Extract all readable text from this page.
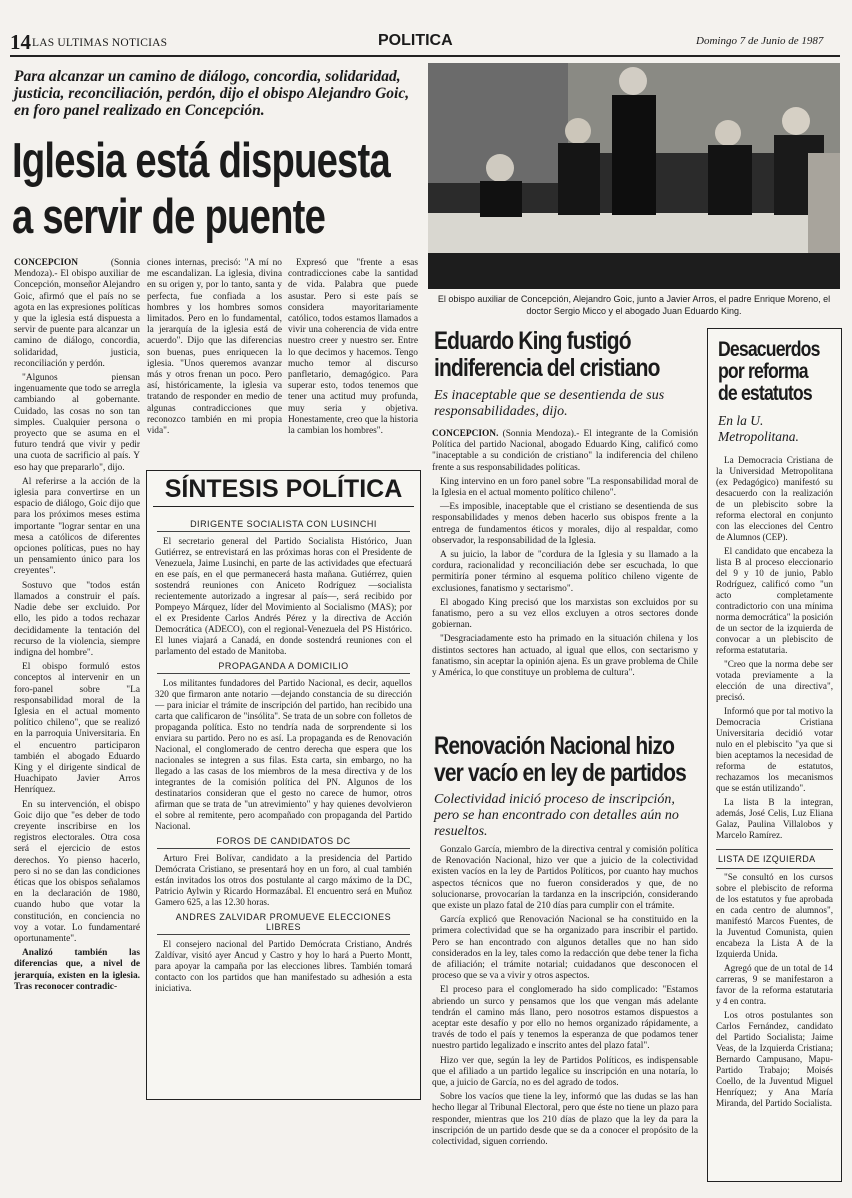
14 LAS ULTIMAS NOTICIAS	POLITICA	Domingo 7 de Junio de 1987
Para alcanzar un camino de diálogo, concordia, solidaridad, justicia, reconciliación, perdón, dijo el obispo Alejandro Goic, en foro panel realizado en Concepción.
Iglesia está dispuesta
a servir de puente

CONCEPCION	(Sonnia Mendoza).- El obispo auxiliar de Concepción, monseñor Alejandro Goic, afirmó que el país no se agota en las expresiones políticas y que la iglesia está dispuesta a servir de puente para alcanzar un camino de diálogo, concordia, solidaridad, justicia, reconciliación y perdón.

"Algunos piensan ingenuamente que todo se arregla cambiando al gobernante. Cuidado, las cosas no son tan simples. Cualquier persona o proyecto que se asuma en el futuro tendrá que vivir y pedir una cuota de sacrificio al país. Y eso hay que prepararlo", dijo.

Al referirse a la acción de la iglesia para convertirse en un espacio de diálogo, Goic dijo que para los próximos meses estima importante "lograr sentar en una mesa a católicos de diferentes opciones políticas, pues no hay un pensamiento único para los creyentes".

Sostuvo que "todos están llamados a construir el país. Nadie debe ser excluido. Por ello, les pido a todos rechazar decididamente la tentación del recurso de la violencia, siempre indigna del hombre".

El obispo formuló estos conceptos al intervenir en un foro-panel sobre "La responsabilidad moral de la Iglesia en el actual momento político chileno", que se realizó en la parroquia Universitaria. En el encuentro participaron también el abogado Eduardo King y el dirigente sindical de Huachipato Javier Arros Henríquez.

En su intervención, el obispo Goic dijo que "es deber de todo creyente inscribirse en los registros electorales. Otra cosa será el ejercicio de estos derechos. Yo pienso hacerlo, pero si no se dan las condiciones éticas que los obispos señalamos en la declaración de 1980, cuando hubo que votar la constitución, en conciencia no voy a votar. Lo fundamentaré oportunamente".

Analizó también las diferencias que, a nivel de jerarquía, existen en la iglesia. Tras reconocer contradic-

ciones internas, precisó: "A mí no me escandalizan. La iglesia, divina en su origen y, por lo tanto, santa y perfecta, fue confiada a los hombres y los hombres somos limitados. Pero en lo fundamental, la jerarquía de la iglesia está de acuerdo". Dijo que las diferencias son buenas, pues enriquecen la iglesia. "Unos queremos avanzar más y otros frenan un poco. Pero así, históricamente, la iglesia va tratando de responder en medio de algunas contradicciones que reconozco también en mi propia vida".

Expresó que "frente a esas contradicciones cabe la santidad de vida. Palabra que puede asustar. Pero si este país se considera mayoritariamente católico, todos estamos llamados a vivir una coherencia de vida entre nuestro creer y nuestro ser. Entre lo que decimos y hacemos. Tengo mucho temor al discurso panfletario, demagógico. Para superar esto, todos tenemos que tener una actitud muy profunda, muy seria y objetiva. Honestamente, creo que la historia la cambian los hombres".

El obispo auxiliar de Concepción, Alejandro Goic, junto a Javier Arros, el padre Enrique Moreno, el doctor Sergio Micco y el abogado Juan Eduardo King.
SÍNTESIS POLÍTICA
DIRIGENTE SOCIALISTA CON LUSINCHI
El secretario general del Partido Socialista Histórico, Juan Gutiérrez, se entrevistará en las próximas horas con el Presidente de Venezuela, Jaime Lusinchi, en parte de las actividades que efectuará en ese país, en el que permanecerá hasta mañana. Gutiérrez, quien sostendrá reuniones con Aniceto Rodríguez —socialista recientemente autorizado a ingresar al país—, será recibido por Pompeyo Márquez, líder del Movimiento al Socialismo (MAS); por el ex Presidente Carlos Andrés Pérez y la directiva de Acción Democrática (ADECO), con el regional-Venezuela del PS Histórico. El lunes viajará a Canadá, en donde sostendrá reuniones con el parlamento del estado de Manitoba.
PROPAGANDA A DOMICILIO
Los militantes fundadores del Partido Nacional, es decir, aquellos 320 que firmaron ante notario —dejando constancia de su dirección— para iniciar el trámite de inscripción del partido, han recibido una carta que calificaron de "insólita". Se trata de un sobre con folletos de propaganda política. Esto no tendría nada de sorprendente si los enviara su partido. Pero no es así. La propaganda es de Renovación Nacional, el conglomerado de centro derecha que espera que los nacionales se integren a sus filas. Esta carta, sin embargo, no ha llegado a las casas de los miembros de la mesa directiva y de los integrantes de la comisión política del PN. Algunos de los destinatarios consideran que el gesto no carece de humor, otros afirman que se trata de "un atrevimiento" y hay quienes devolvieron el sobre al remitente, pero acompañado con propaganda del Partido Nacional.
FOROS DE CANDIDATOS DC
Arturo Frei Bolívar, candidato a la presidencia del Partido Demócrata Cristiano, se presentará hoy en un foro, al cual también están invitados los otros dos postulante al cargo máximo de la DC, Patricio Aylwin y Ricardo Hormazábal. El encuentro será en Muñoz Gamero 625, a las 12.30 horas.
ANDRES ZALVIDAR PROMUEVE ELECCIONES LIBRES
El consejero nacional del Partido Demócrata Cristiano, Andrés Zaldívar, visitó ayer Ancud y Castro y hoy lo hará a Puerto Montt, para apoyar la campaña por las elecciones libres. También tomará contacto con los partidos que han manifestado su adhesión a esta iniciativa.
Eduardo King fustigó
indiferencia del cristiano
Es inaceptable que se desentienda de sus responsabilidades, dijo.

CONCEPCION. (Sonnia Mendoza).- El integrante de la Comisión Política del partido Nacional, abogado Eduardo King, calificó como "inaceptable a su condición de cristiano" la indiferencia del chileno frente a sus responsabilidades políticas.

King intervino en un foro panel sobre "La responsabilidad moral de la Iglesia en el actual momento político chileno".

—Es imposible, inaceptable que el cristiano se desentienda de sus responsabilidades y menos deben hacerlo sus obispos frente a la entrega de fundamentos éticos y morales, dijo al respaldar, como observador, la responsabilidad de la Iglesia.

A su juicio, la labor de "cordura de la Iglesia y su llamado a la cordura, racionalidad y reconciliación debe ser escuchada, lo que permitiría poner término al esquema político chileno vigente de exclusiones, fanatismo y sectarismo".

El abogado King precisó que los marxistas son excluidos por su fanatismo, pero a su vez ellos excluyen a otros sectores donde gobiernan.

"Desgraciadamente esto ha primado en la situación chilena y los distintos sectores han actuado, al igual que ellos, con sectarismo y fanatismo, sin aceptar la opinión ajena. Es un grave problema de Chile y América, lo que constituye un problema de cultura".

Renovación Nacional hizo
ver vacío en ley de partidos
Colectividad inició proceso de inscripción, pero se han encontrado con detalles aún no resueltos.

Gonzalo García, miembro de la directiva central y comisión política de Renovación Nacional, hizo ver que a juicio de la colectividad existen vacíos en la ley de Partidos Políticos, por cuanto hay muchos aspectos técnicos que no fueron considerados y que, de no solucionarse, provocarían la tardanza en la inscripción, considerando que existe un plazo fatal de 210 días para cumplir con el trámite.

García explicó que Renovación Nacional se ha constituido en la primera colectividad que se ha organizado para inscribir el partido. Pero se han encontrado con algunos detalles que no han sido considerados en la ley, tales como la redacción que debe tener la ficha de afiliación; el trámite notarial; cuidadanos que desconocen el proceso que se va a vivir y otros aspectos.

El proceso para el conglomerado ha sido complicado: "Estamos abriendo un surco y pensamos que los que vengan más adelante tendrán el camino más llano, pero nosotros estamos dispuestos a aceptar este desafío y por ello no hemos organizado rápidamente, a través de todo el país y tenemos la esperanza de que podamos tener nuestro partido legalizado e inscrito antes del plazo fatal".

Hizo ver que, según la ley de Partidos Políticos, es indispensable que el afiliado a un partido legalice su inscripción en una notaría, lo que, a juicio de García, no es del agrado de todos.

Sobre los vacíos que tiene la ley, informó que las dudas se las han hecho llegar al Tribunal Electoral, pero que éste no tiene un plazo para responder, mientras que los 210 días de plazo que la ley da para la inscripción de un partido desde que se da a conocer el propósito de la colectividad, siguen corriendo.

Desacuerdos
por reforma
de estatutos
En la U. Metropolitana.

La Democracia Cristiana de la Universidad Metropolitana (ex Pedagógico) manifestó su desacuerdo con la realización de un plebiscito sobre la reforma electoral en conjunto con las elecciones del Centro de Alumnos (CEP).

El candidato que encabeza la lista B al proceso eleccionario del 9 y 10 de junio, Pablo Rodríguez, calificó como "un acto completamente contradictorio con una mínima norma democrática" la posición de un sector de la izquierda de convocar a un plebiscito de reforma estatutaria.

"Creo que la norma debe ser votada previamente a la elección de una directiva", precisó.

Informó que por tal motivo la Democracia Cristiana Universitaria decidió votar nulo en el plebiscito "ya que si bien aceptamos la necesidad de reforma de estatutos, rechazamos los mecanismos que se están utilizando".

La lista B la integran, además, José Celis, Luz Eliana Galaz, Paulina Villalobos y Marcelo Ramírez.

LISTA DE IZQUIERDA

"Se consultó en los cursos sobre el plebiscito de reforma de los estatutos y fue aprobada en cada centro de alumnos", manifestó Marcos Fuentes, de la Juventud Comunista, quien encabeza la Lista A de la Izquierda Unida.

Agregó que de un total de 14 carreras, 9 se manifestaron a favor de la reforma estatutaria y 4 en contra.

Los otros postulantes son Carlos Fernández, candidato del Partido Socialista; Jaime Veas, de la Izquierda Cristiana; Bernardo Campusano, Mapu-Partido Trabajo; Moisés Coello, de la Juventud Miguel Henríquez; y Ana María Miranda, del Partido Socialista.
